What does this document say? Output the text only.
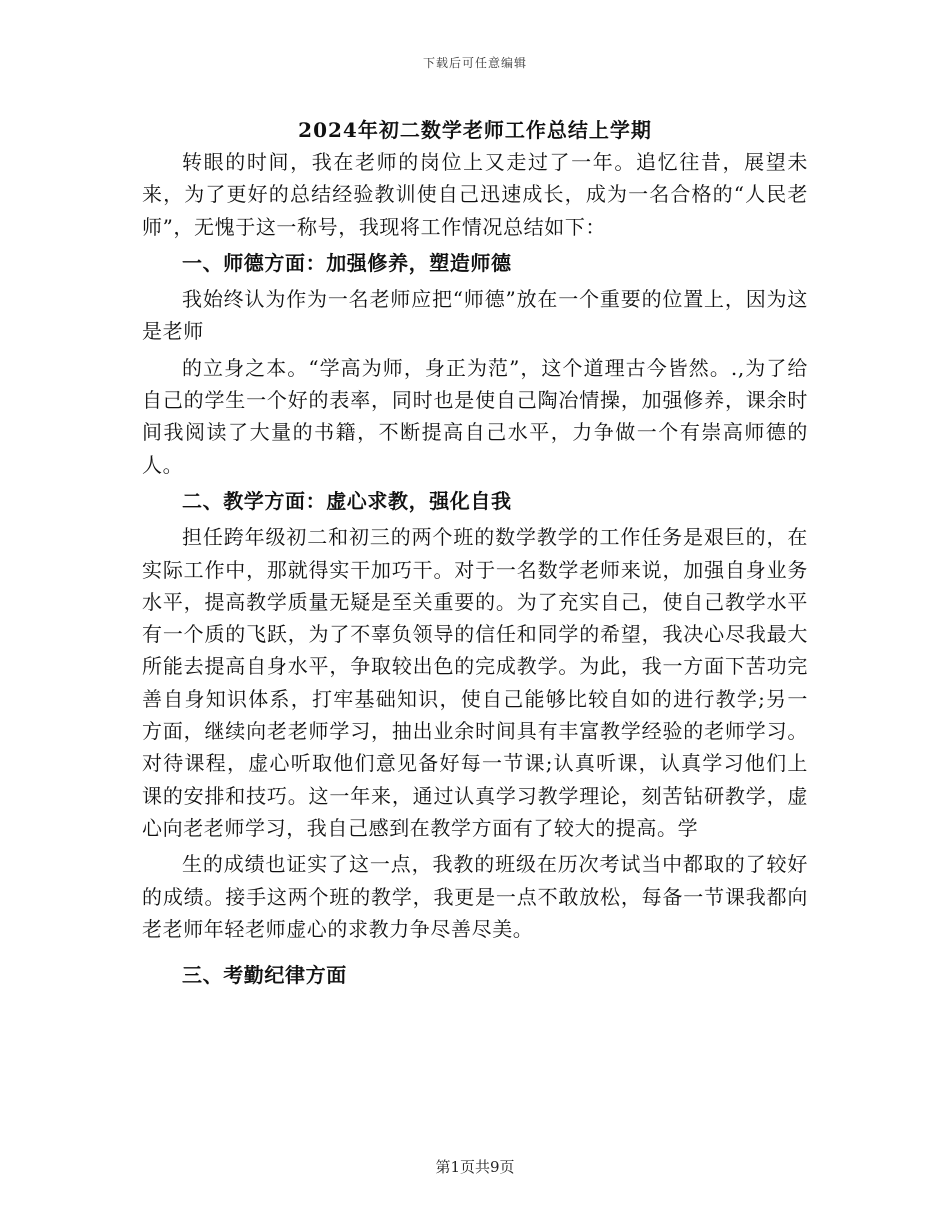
下载后可任意编辑
2024年初二数学老师工作总结上学期

转眼的时间，我在老师的岗位上又走过了一年。追忆往昔，展望未来，为了更好的总结经验教训使自己迅速成长，成为一名合格的“人民老师”，无愧于这一称号，我现将工作情况总结如下：

一、师德方面：加强修养，塑造师德

我始终认为作为一名老师应把“师德”放在一个重要的位置上，因为这是老师

的立身之本。“学高为师，身正为范”，这个道理古今皆然。.,为了给自己的学生一个好的表率，同时也是使自己陶冶情操，加强修养，课余时间我阅读了大量的书籍，不断提高自己水平，力争做一个有崇高师德的人。

二、教学方面：虚心求教，强化自我

担任跨年级初二和初三的两个班的数学教学的工作任务是艰巨的，在实际工作中，那就得实干加巧干。对于一名数学老师来说，加强自身业务水平，提高教学质量无疑是至关重要的。为了充实自己，使自己教学水平有一个质的飞跃，为了不辜负领导的信任和同学的希望，我决心尽我最大所能去提高自身水平，争取较出色的完成教学。为此，我一方面下苦功完善自身知识体系，打牢基础知识，使自己能够比较自如的进行教学;另一方面，继续向老老师学习，抽出业余时间具有丰富教学经验的老师学习。对待课程，虚心听取他们意见备好每一节课;认真听课，认真学习他们上课的安排和技巧。这一年来，通过认真学习教学理论，刻苦钻研教学，虚心向老老师学习，我自己感到在教学方面有了较大的提高。学

生的成绩也证实了这一点，我教的班级在历次考试当中都取的了较好的成绩。接手这两个班的教学，我更是一点不敢放松，每备一节课我都向老老师年轻老师虚心的求教力争尽善尽美。

三、考勤纪律方面

第1页共9页
